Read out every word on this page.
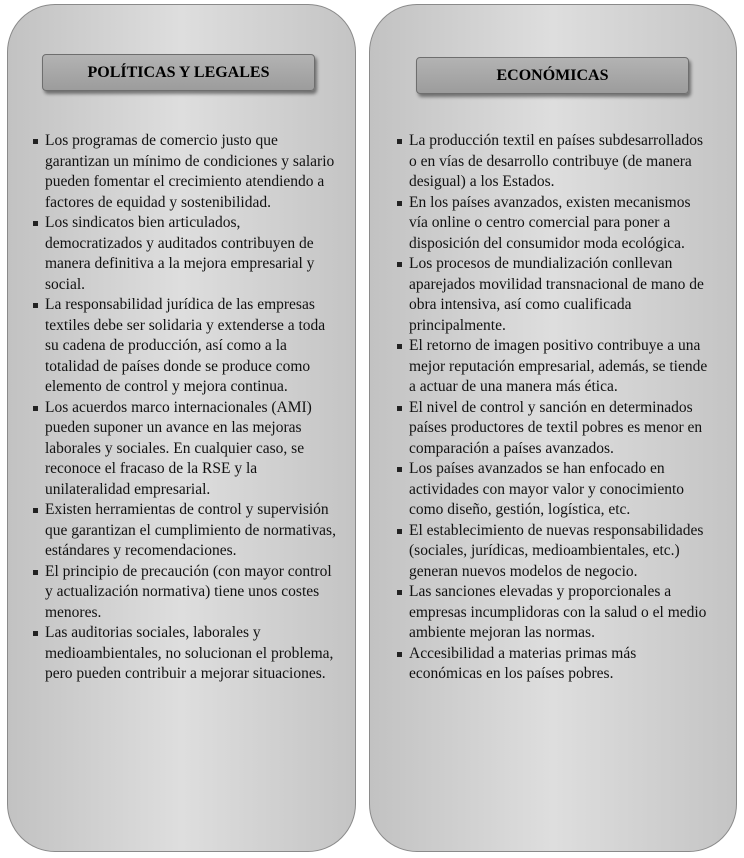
POLÍTICAS Y LEGALES
Los programas de comercio justo que garantizan un mínimo de condiciones y salario pueden fomentar el crecimiento atendiendo a factores de equidad y sostenibilidad.
Los sindicatos bien articulados, democratizados y auditados contribuyen de manera definitiva a la mejora empresarial y social.
La responsabilidad jurídica de las empresas textiles debe ser solidaria y extenderse a toda su cadena de producción, así como a la totalidad de países donde se produce como elemento de control y mejora continua.
Los acuerdos marco internacionales (AMI) pueden suponer un avance en las mejoras laborales y sociales. En cualquier caso, se reconoce el fracaso de la RSE y la unilateralidad empresarial.
Existen herramientas de control y supervisión que garantizan el cumplimiento de normativas, estándares y recomendaciones.
El principio de precaución (con mayor control y actualización normativa) tiene unos costes menores.
Las auditorias sociales, laborales y medioambientales, no solucionan el problema, pero pueden contribuir a mejorar situaciones.
ECONÓMICAS
La producción textil en países subdesarrollados o en vías de desarrollo contribuye (de manera desigual) a los Estados.
En los países avanzados, existen mecanismos vía online o centro comercial para poner a disposición del consumidor moda ecológica.
Los procesos de mundialización conllevan aparejados movilidad transnacional de mano de obra intensiva, así como cualificada principalmente.
El retorno de imagen positivo contribuye a una mejor reputación empresarial, además, se tiende a actuar de una manera más ética.
El nivel de control y sanción en determinados países productores de textil pobres es menor en comparación a países avanzados.
Los países avanzados se han enfocado en actividades con mayor valor y conocimiento como diseño, gestión, logística, etc.
El establecimiento de nuevas responsabilidades (sociales, jurídicas, medioambientales, etc.) generan nuevos modelos de negocio.
Las sanciones elevadas y proporcionales a empresas incumplidoras con la salud o el medio ambiente mejoran las normas.
Accesibilidad a materias primas más económicas en los países pobres.
